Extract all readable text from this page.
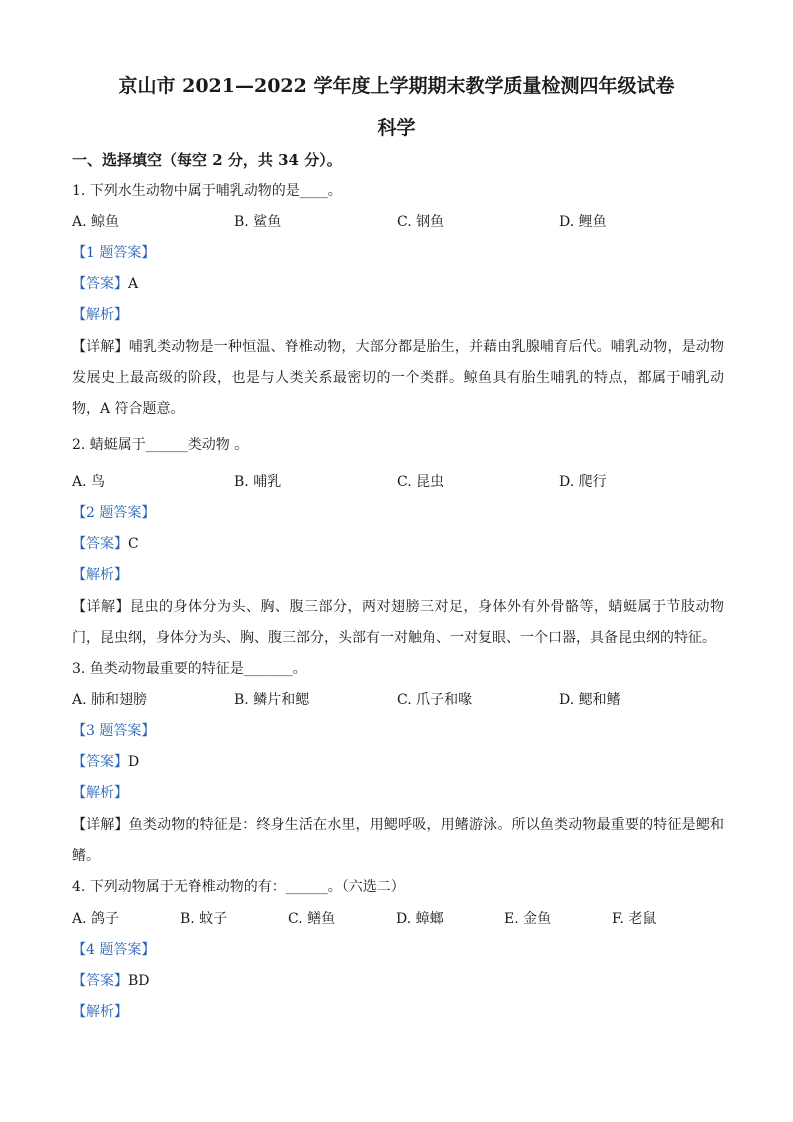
京山市 2021—2022 学年度上学期期末教学质量检测四年级试卷
科学
一、选择填空（每空 2 分，共 34 分）。
1. 下列水生动物中属于哺乳动物的是____。
A. 鲸鱼	B. 鲨鱼	C. 钢鱼	D. 鲤鱼
【1 题答案】
【答案】A
【解析】
【详解】哺乳类动物是一种恒温、脊椎动物，大部分都是胎生，并藉由乳腺哺育后代。哺乳动物，是动物发展史上最高级的阶段，也是与人类关系最密切的一个类群。鲸鱼具有胎生哺乳的特点，都属于哺乳动物，A 符合题意。
2. 蜻蜓属于______类动物 。
A. 鸟	B. 哺乳	C. 昆虫	D. 爬行
【2 题答案】
【答案】C
【解析】
【详解】昆虫的身体分为头、胸、腹三部分，两对翅膀三对足，身体外有外骨骼等，蜻蜓属于节肢动物门，昆虫纲，身体分为头、胸、腹三部分，头部有一对触角、一对复眼、一个口器，具备昆虫纲的特征。
3. 鱼类动物最重要的特征是_______。
A. 肺和翅膀	B. 鳞片和鳃	C. 爪子和喙	D. 鳃和鳍
【3 题答案】
【答案】D
【解析】
【详解】鱼类动物的特征是：终身生活在水里，用鳃呼吸，用鳍游泳。所以鱼类动物最重要的特征是鳃和鳍。
4. 下列动物属于无脊椎动物的有：______。（六选二）
A. 鸽子	B. 蚊子	C. 鳝鱼	D. 蟑螂	E. 金鱼	F. 老鼠
【4 题答案】
【答案】BD
【解析】
